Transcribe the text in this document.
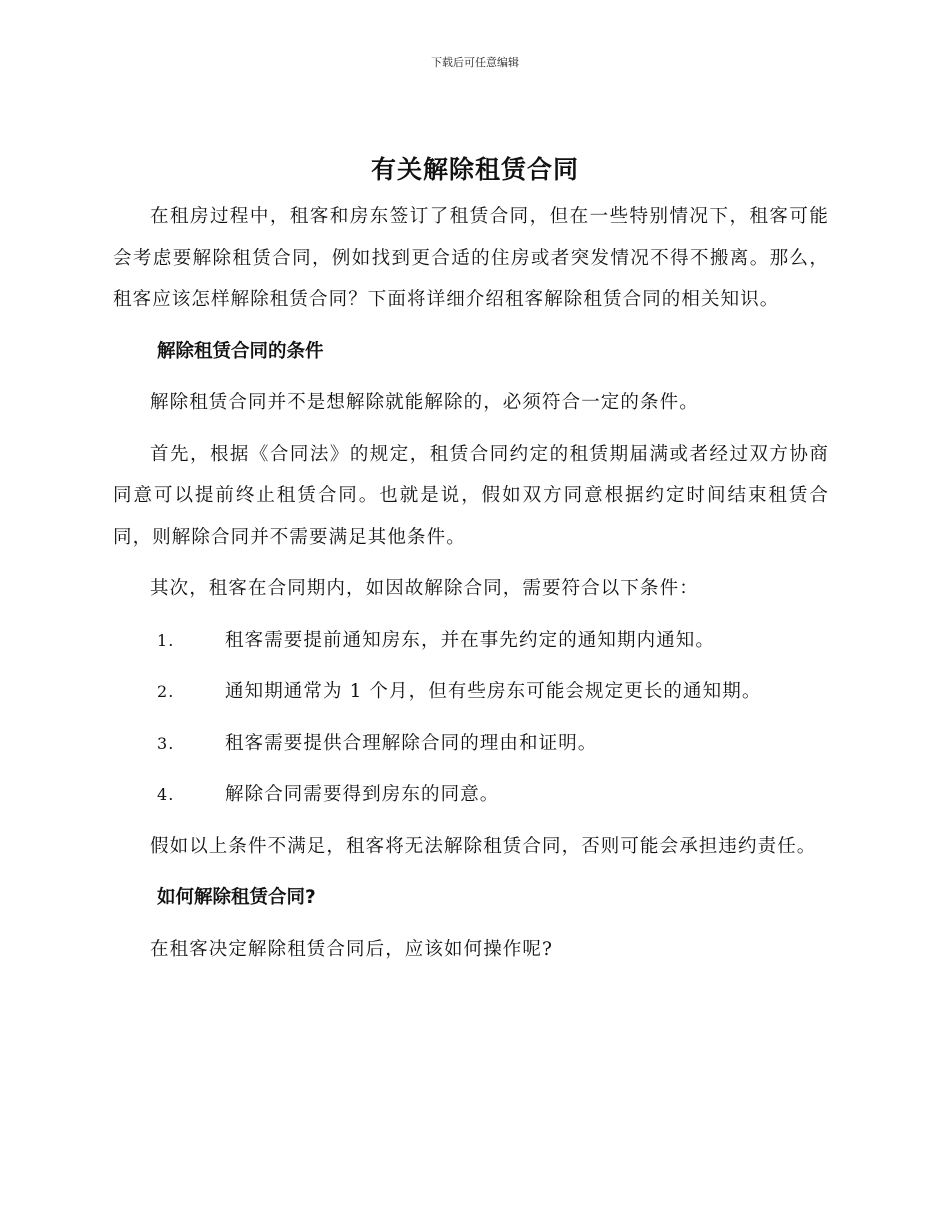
下载后可任意编辑
有关解除租赁合同

在租房过程中，租客和房东签订了租赁合同，但在一些特别情况下，租客可能会考虑要解除租赁合同，例如找到更合适的住房或者突发情况不得不搬离。那么，租客应该怎样解除租赁合同？下面将详细介绍租客解除租赁合同的相关知识。

解除租赁合同的条件

解除租赁合同并不是想解除就能解除的，必须符合一定的条件。

首先，根据《合同法》的规定，租赁合同约定的租赁期届满或者经过双方协商同意可以提前终止租赁合同。也就是说，假如双方同意根据约定时间结束租赁合同，则解除合同并不需要满足其他条件。

其次，租客在合同期内，如因故解除合同，需要符合以下条件：

1.	租客需要提前通知房东，并在事先约定的通知期内通知。
2.	通知期通常为 1 个月，但有些房东可能会规定更长的通知期。
3.	租客需要提供合理解除合同的理由和证明。
4.	解除合同需要得到房东的同意。

假如以上条件不满足，租客将无法解除租赁合同，否则可能会承担违约责任。

如何解除租赁合同?

在租客决定解除租赁合同后，应该如何操作呢?
